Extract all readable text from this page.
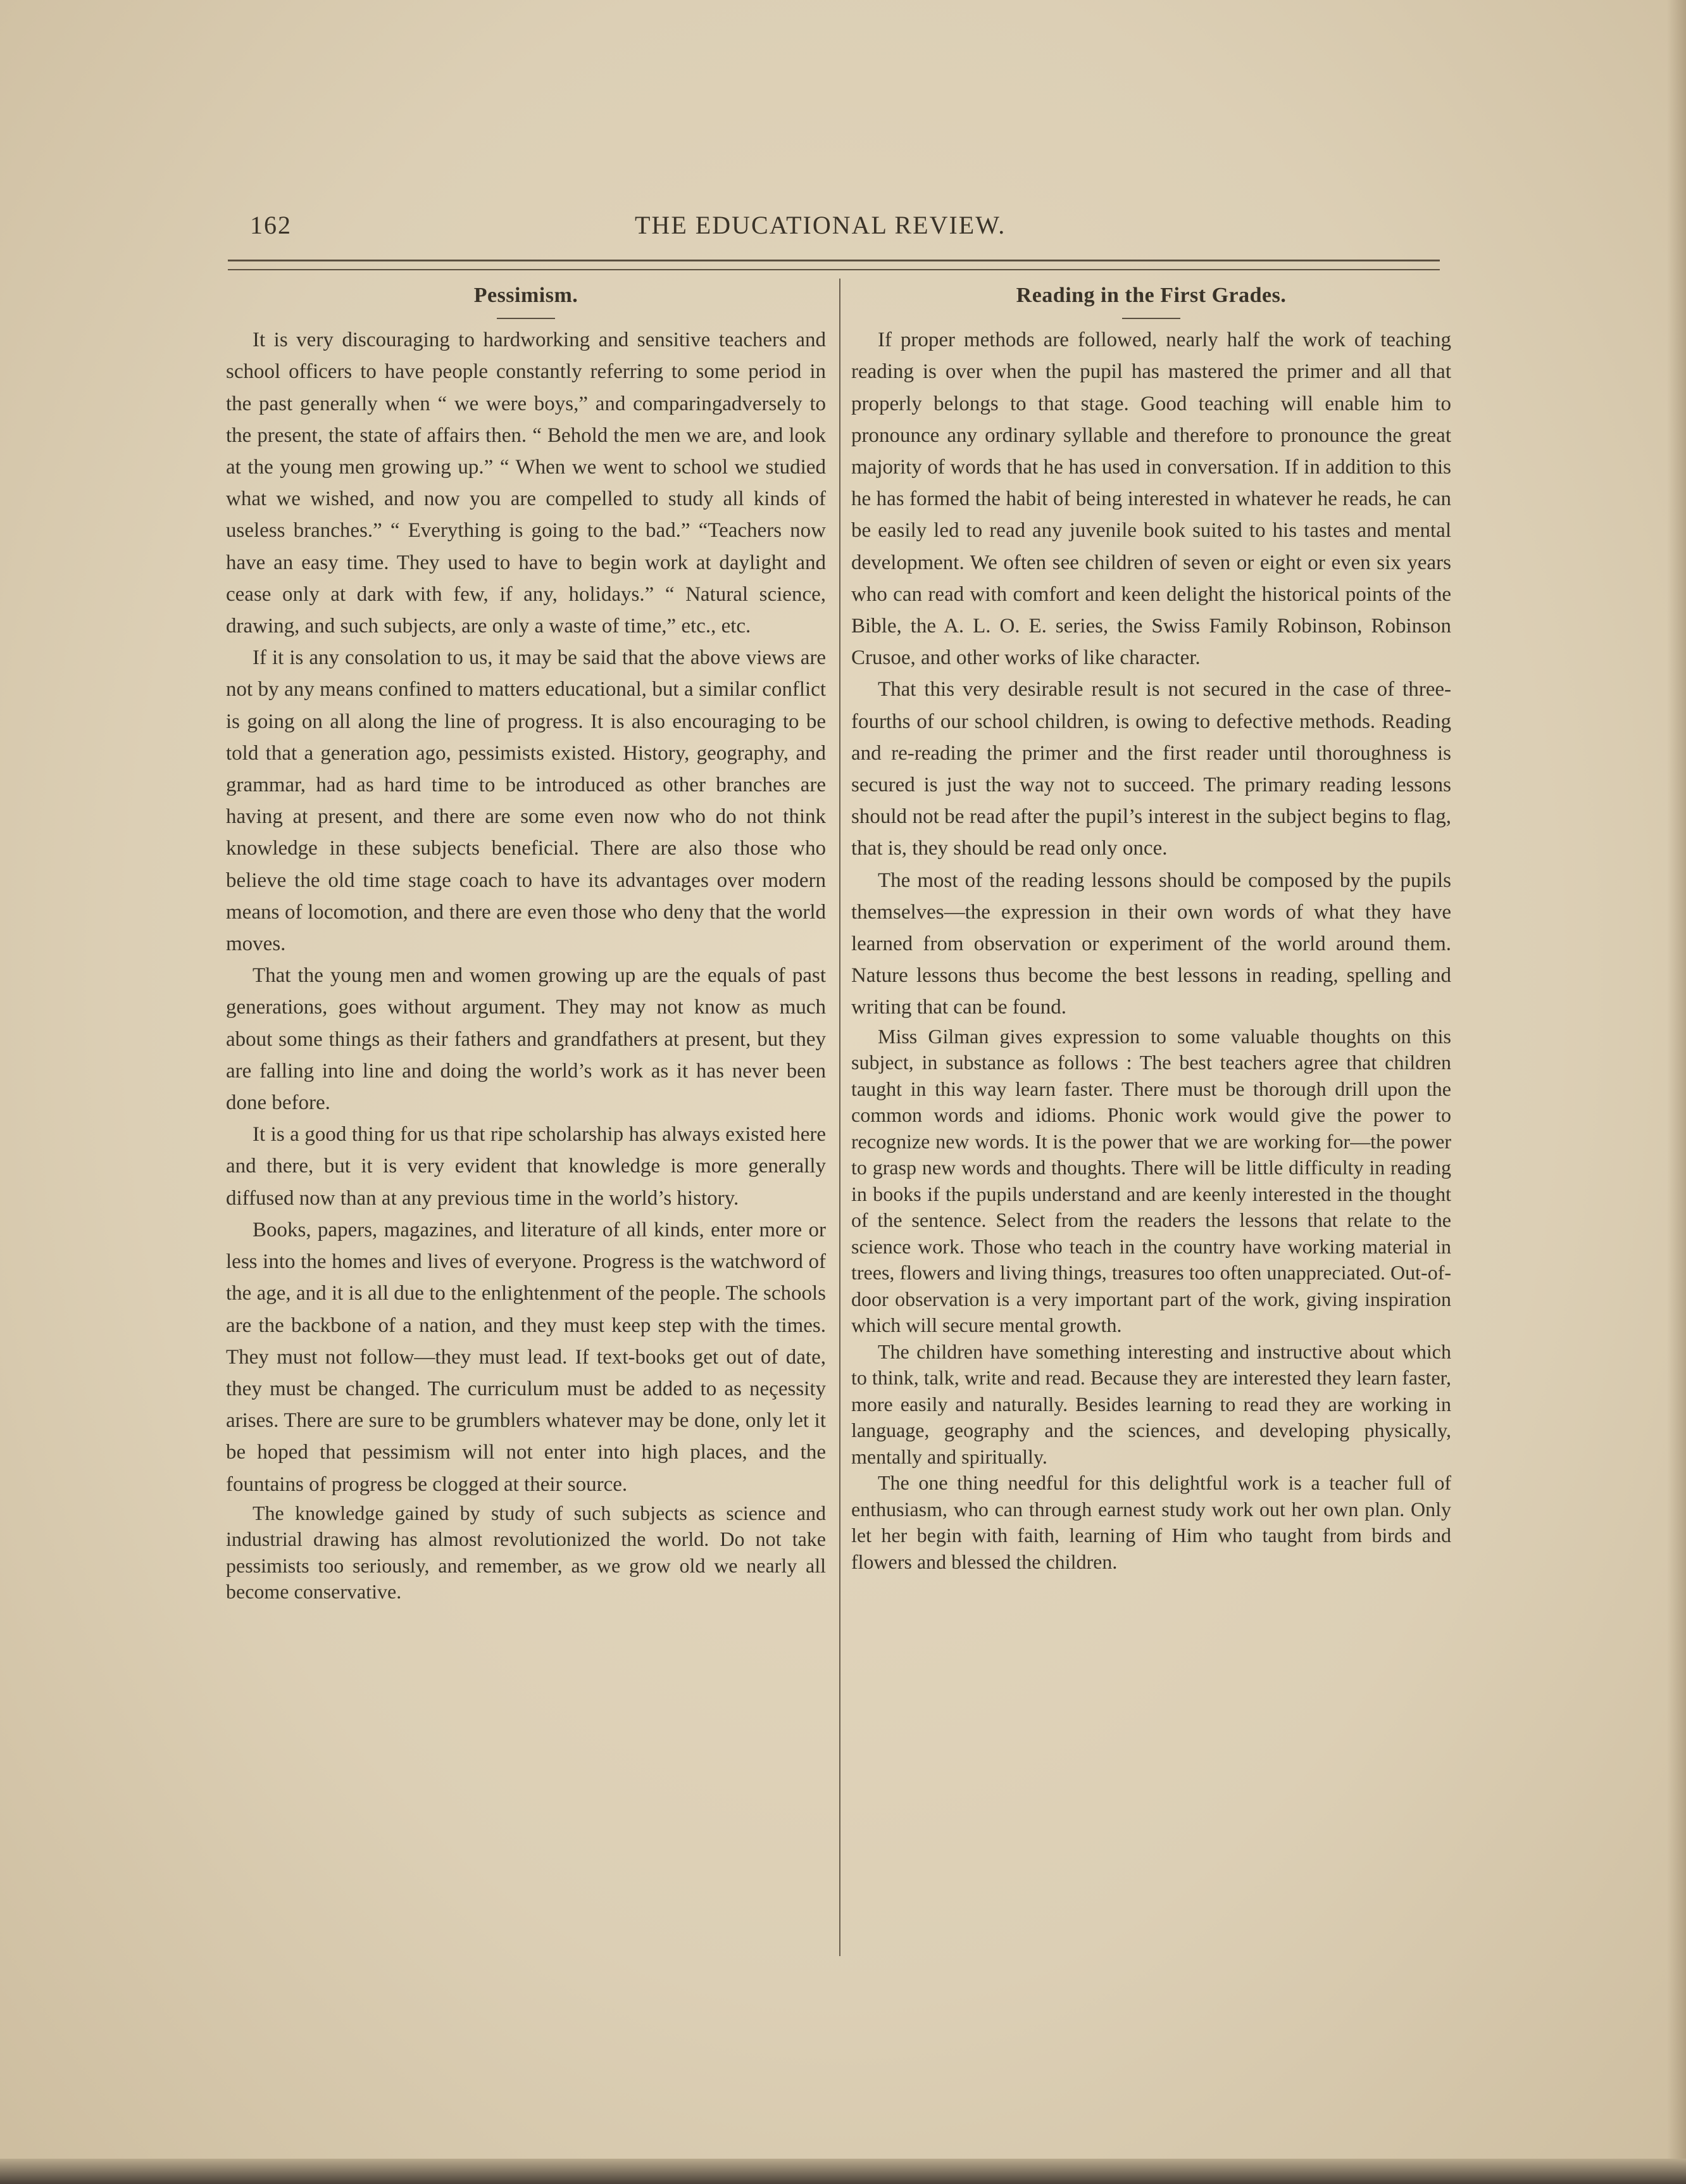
162	THE EDUCATIONAL REVIEW.
Pessimism.

It is very discouraging to hardworking and sensitive teachers and school officers to have people constantly referring to some period in the past generally when “ we were boys,” and comparingadversely to the present, the state of affairs then. “ Behold the men we are, and look at the young men growing up.” “ When we went to school we studied what we wished, and now you are compelled to study all kinds of useless branches.” “ Everything is going to the bad.” “Teachers now have an easy time. They used to have to begin work at daylight and cease only at dark with few, if any, holidays.” “ Natural science, drawing, and such subjects, are only a waste of time,” etc., etc.

If it is any consolation to us, it may be said that the above views are not by any means confined to matters educational, but a similar conflict is going on all along the line of progress. It is also encouraging to be told that a generation ago, pessimists existed. History, geography, and grammar, had as hard time to be introduced as other branches are having at present, and there are some even now who do not think knowledge in these subjects beneficial. There are also those who believe the old time stage coach to have its advantages over modern means of locomotion, and there are even those who deny that the world moves.

That the young men and women growing up are the equals of past generations, goes without argument. They may not know as much about some things as their fathers and grandfathers at present, but they are falling into line and doing the world’s work as it has never been done before.

It is a good thing for us that ripe scholarship has always existed here and there, but it is very evident that knowledge is more generally diffused now than at any previous time in the world’s history.

Books, papers, magazines, and literature of all kinds, enter more or less into the homes and lives of everyone. Progress is the watchword of the age, and it is all due to the enlightenment of the people. The schools are the backbone of a nation, and they must keep step with the times. They must not follow—they must lead. If text-books get out of date, they must be changed. The curriculum must be added to as neçessity arises. There are sure to be grumblers whatever may be done, only let it be hoped that pessimism will not enter into high places, and the fountains of progress be clogged at their source.

The knowledge gained by study of such subjects as science and industrial drawing has almost revolutionized the world. Do not take pessimists too seriously, and remember, as we grow old we nearly all become conservative.

Reading in the First Grades.

If proper methods are followed, nearly half the work of teaching reading is over when the pupil has mastered the primer and all that properly belongs to that stage. Good teaching will enable him to pronounce any ordinary syllable and therefore to pronounce the great majority of words that he has used in conversation. If in addition to this he has formed the habit of being interested in whatever he reads, he can be easily led to read any juvenile book suited to his tastes and mental development. We often see children of seven or eight or even six years who can read with comfort and keen delight the historical points of the Bible, the A. L. O. E. series, the Swiss Family Robinson, Robinson Crusoe, and other works of like character.

That this very desirable result is not secured in the case of three-fourths of our school children, is owing to defective methods. Reading and re-reading the primer and the first reader until thoroughness is secured is just the way not to succeed. The primary reading lessons should not be read after the pupil’s interest in the subject begins to flag, that is, they should be read only once.

The most of the reading lessons should be composed by the pupils themselves—the expression in their own words of what they have learned from observation or experiment of the world around them. Nature lessons thus become the best lessons in reading, spelling and writing that can be found.

Miss Gilman gives expression to some valuable thoughts on this subject, in substance as follows : The best teachers agree that children taught in this way learn faster. There must be thorough drill upon the common words and idioms. Phonic work would give the power to recognize new words. It is the power that we are working for—the power to grasp new words and thoughts. There will be little difficulty in reading in books if the pupils understand and are keenly interested in the thought of the sentence. Select from the readers the lessons that relate to the science work. Those who teach in the country have working material in trees, flowers and living things, treasures too often unappreciated. Out-of-door observation is a very important part of the work, giving inspiration which will secure mental growth.

The children have something interesting and instructive about which to think, talk, write and read. Because they are interested they learn faster, more easily and naturally. Besides learning to read they are working in language, geography and the sciences, and developing physically, mentally and spiritually.

The one thing needful for this delightful work is a teacher full of enthusiasm, who can through earnest study work out her own plan. Only let her begin with faith, learning of Him who taught from birds and flowers and blessed the children.
